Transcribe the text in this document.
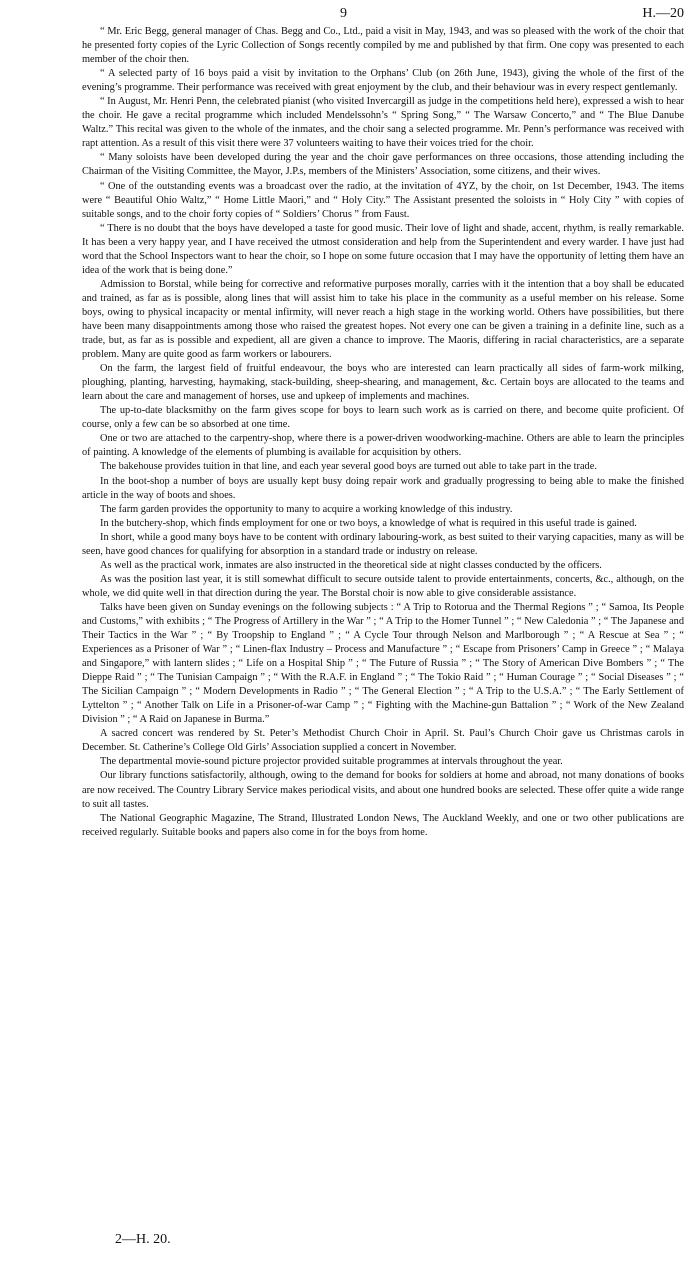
9	H.—20

“ Mr. Eric Begg, general manager of Chas. Begg and Co., Ltd., paid a visit in May, 1943, and was so pleased with the work of the choir that he presented forty copies of the Lyric Collection of Songs recently compiled by me and published by that firm. One copy was presented to each member of the choir then.

“ A selected party of 16 boys paid a visit by invitation to the Orphans’ Club (on 26th June, 1943), giving the whole of the first of the evening’s programme. Their performance was received with great enjoyment by the club, and their behaviour was in every respect gentlemanly.

“ In August, Mr. Henri Penn, the celebrated pianist (who visited Invercargill as judge in the competitions held here), expressed a wish to hear the choir. He gave a recital programme which included Mendelssohn’s “ Spring Song,” “ The Warsaw Concerto,” and “ The Blue Danube Waltz.” This recital was given to the whole of the inmates, and the choir sang a selected programme. Mr. Penn’s performance was received with rapt attention. As a result of this visit there were 37 volunteers waiting to have their voices tried for the choir.

“ Many soloists have been developed during the year and the choir gave performances on three occasions, those attending including the Chairman of the Visiting Committee, the Mayor, J.P.s, members of the Ministers’ Association, some citizens, and their wives.

“ One of the outstanding events was a broadcast over the radio, at the invitation of 4YZ, by the choir, on 1st December, 1943. The items were “ Beautiful Ohio Waltz,” “ Home Little Maori,” and “ Holy City.” The Assistant presented the soloists in “ Holy City ” with copies of suitable songs, and to the choir forty copies of “ Soldiers’ Chorus ” from Faust.

“ There is no doubt that the boys have developed a taste for good music. Their love of light and shade, accent, rhythm, is really remarkable. It has been a very happy year, and I have received the utmost consideration and help from the Superintendent and every warder. I have just had word that the School Inspectors want to hear the choir, so I hope on some future occasion that I may have the opportunity of letting them have an idea of the work that is being done.”

Admission to Borstal, while being for corrective and reformative purposes morally, carries with it the intention that a boy shall be educated and trained, as far as is possible, along lines that will assist him to take his place in the community as a useful member on his release. Some boys, owing to physical incapacity or mental infirmity, will never reach a high stage in the working world. Others have possibilities, but there have been many disappointments among those who raised the greatest hopes. Not every one can be given a training in a definite line, such as a trade, but, as far as is possible and expedient, all are given a chance to improve. The Maoris, differing in racial characteristics, are a separate problem. Many are quite good as farm workers or labourers.

On the farm, the largest field of fruitful endeavour, the boys who are interested can learn practically all sides of farm-work milking, ploughing, planting, harvesting, haymaking, stack-building, sheep-shearing, and management, &c. Certain boys are allocated to the teams and learn about the care and management of horses, use and upkeep of implements and machines.

The up-to-date blacksmithy on the farm gives scope for boys to learn such work as is carried on there, and become quite proficient. Of course, only a few can be so absorbed at one time.

One or two are attached to the carpentry-shop, where there is a power-driven woodworking-machine. Others are able to learn the principles of painting. A knowledge of the elements of plumbing is available for acquisition by others.

The bakehouse provides tuition in that line, and each year several good boys are turned out able to take part in the trade.

In the boot-shop a number of boys are usually kept busy doing repair work and gradually progressing to being able to make the finished article in the way of boots and shoes.

The farm garden provides the opportunity to many to acquire a working knowledge of this industry.

In the butchery-shop, which finds employment for one or two boys, a knowledge of what is required in this useful trade is gained.

In short, while a good many boys have to be content with ordinary labouring-work, as best suited to their varying capacities, many as will be seen, have good chances for qualifying for absorption in a standard trade or industry on release.

As well as the practical work, inmates are also instructed in the theoretical side at night classes conducted by the officers.

As was the position last year, it is still somewhat difficult to secure outside talent to provide entertainments, concerts, &c., although, on the whole, we did quite well in that direction during the year. The Borstal choir is now able to give considerable assistance.

Talks have been given on Sunday evenings on the following subjects : “ A Trip to Rotorua and the Thermal Regions ” ; “ Samoa, Its People and Customs,” with exhibits ; “ The Progress of Artillery in the War ” ; “ A Trip to the Homer Tunnel ” ; “ New Caledonia ” ; “ The Japanese and Their Tactics in the War ” ; “ By Troopship to England ” ; “ A Cycle Tour through Nelson and Marlborough ” ; “ A Rescue at Sea ” ; “ Experiences as a Prisoner of War ” ; “ Linen-flax Industry – Process and Manufacture ” ; “ Escape from Prisoners’ Camp in Greece ” ; “ Malaya and Singapore,” with lantern slides ; “ Life on a Hospital Ship ” ; “ The Future of Russia ” ; “ The Story of American Dive Bombers ” ; “ The Dieppe Raid ” ; “ The Tunisian Campaign ” ; “ With the R.A.F. in England ” ; “ The Tokio Raid ” ; “ Human Courage ” ; “ Social Diseases ” ; “ The Sicilian Campaign ” ; “ Modern Developments in Radio ” ; “ The General Election ” ; “ A Trip to the U.S.A.” ; “ The Early Settlement of Lyttelton ” ; “ Another Talk on Life in a Prisoner-of-war Camp ” ; “ Fighting with the Machine-gun Battalion ” ; “ Work of the New Zealand Division ” ; “ A Raid on Japanese in Burma.”

A sacred concert was rendered by St. Peter’s Methodist Church Choir in April. St. Paul’s Church Choir gave us Christmas carols in December. St. Catherine’s College Old Girls’ Association supplied a concert in November.

The departmental movie-sound picture projector provided suitable programmes at intervals throughout the year.

Our library functions satisfactorily, although, owing to the demand for books for soldiers at home and abroad, not many donations of books are now received. The Country Library Service makes periodical visits, and about one hundred books are selected. These offer quite a wide range to suit all tastes.

The National Geographic Magazine, The Strand, Illustrated London News, The Auckland Weekly, and one or two other publications are received regularly. Suitable books and papers also come in for the boys from home.

2—H. 20.
